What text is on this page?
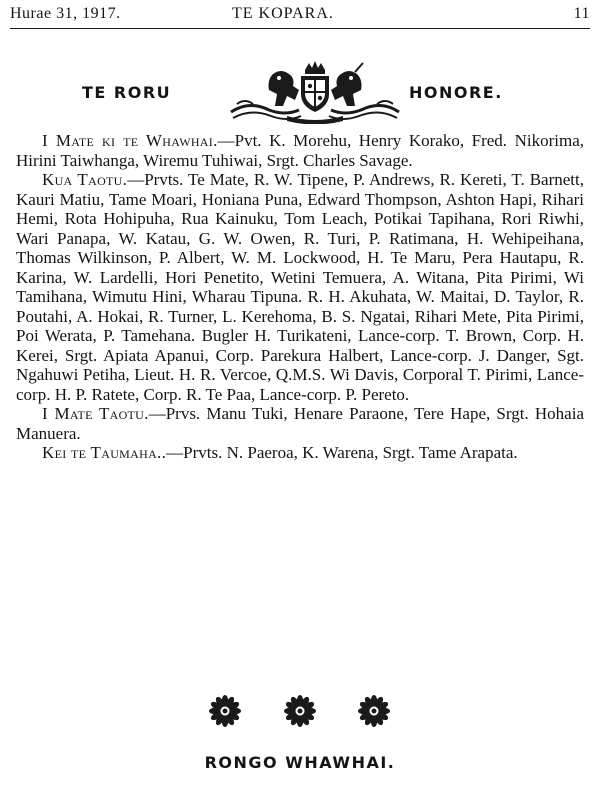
Hurae 31, 1917.	TE KOPARA.	11
TE RORU	HONORE.

I Mate ki te Whawhai.—Pvt. K. Morehu, Henry Korako, Fred. Nikorima, Hirini Taiwhanga, Wiremu Tuhiwai, Srgt. Charles Savage.

Kua Taotu.—Prvts. Te Mate, R. W. Tipene, P. Andrews, R. Kereti, T. Barnett, Kauri Matiu, Tame Moari, Honiana Puna, Edward Thompson, Ashton Hapi, Rihari Hemi, Rota Hohipuha, Rua Kainuku, Tom Leach, Potikai Tapihana, Rori Riwhi, Wari Panapa, W. Katau, G. W. Owen, R. Turi, P. Ratimana, H. Wehipeihana, Thomas Wilkinson, P. Albert, W. M. Lockwood, H. Te Maru, Pera Hautapu, R. Karina, W. Lardelli, Hori Penetito, Wetini Temuera, A. Witana, Pita Pirimi, Wi Tamihana, Wimutu Hini, Wharau Tipuna. R. H. Akuhata, W. Maitai, D. Taylor, R. Poutahi, A. Hokai, R. Turner, L. Kerehoma, B. S. Ngatai, Rihari Mete, Pita Pirimi, Poi Werata, P. Tamehana. Bugler H. Turikateni, Lance-corp. T. Brown, Corp. H. Kerei, Srgt. Apiata Apanui, Corp. Parekura Halbert, Lance-corp. J. Danger, Sgt. Ngahuwi Petiha, Lieut. H. R. Vercoe, Q.M.S. Wi Davis, Corporal T. Pirimi, Lance-corp. H. P. Ratete, Corp. R. Te Paa, Lance-corp. P. Pereto.

I Mate Taotu.—Prvs. Manu Tuki, Henare Paraone, Tere Hape, Srgt. Hohaia Manuera.

Kei te Taumaha..—Prvts. N. Paeroa, K. Warena, Srgt. Tame Arapata.

RONGO WHAWHAI.
